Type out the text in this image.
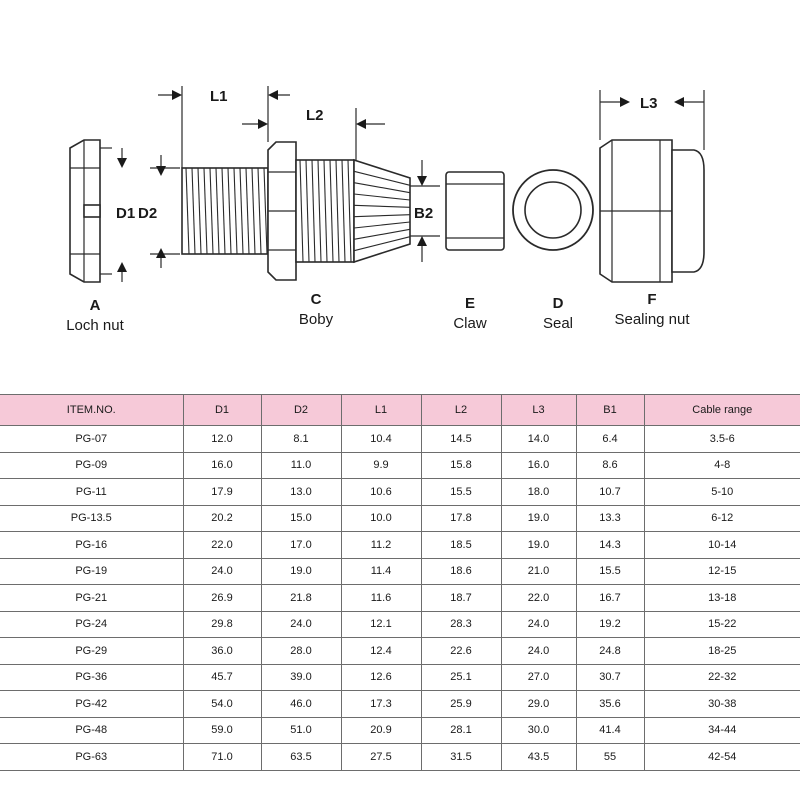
D1 D2
L1
L2
B2
L3
A
Loch nut
C
Boby
E
Claw
D
Seal
F
Sealing nut
ITEM.NO.	D1	D2	L1	L2	L3	B1	Cable range
PG-07	12.0	8.1	10.4	14.5	14.0	6.4	3.5-6
PG-09	16.0	11.0	9.9	15.8	16.0	8.6	4-8
PG-11	17.9	13.0	10.6	15.5	18.0	10.7	5-10
PG-13.5	20.2	15.0	10.0	17.8	19.0	13.3	6-12
PG-16	22.0	17.0	11.2	18.5	19.0	14.3	10-14
PG-19	24.0	19.0	11.4	18.6	21.0	15.5	12-15
PG-21	26.9	21.8	11.6	18.7	22.0	16.7	13-18
PG-24	29.8	24.0	12.1	28.3	24.0	19.2	15-22
PG-29	36.0	28.0	12.4	22.6	24.0	24.8	18-25
PG-36	45.7	39.0	12.6	25.1	27.0	30.7	22-32
PG-42	54.0	46.0	17.3	25.9	29.0	35.6	30-38
PG-48	59.0	51.0	20.9	28.1	30.0	41.4	34-44
PG-63	71.0	63.5	27.5	31.5	43.5	55	42-54
